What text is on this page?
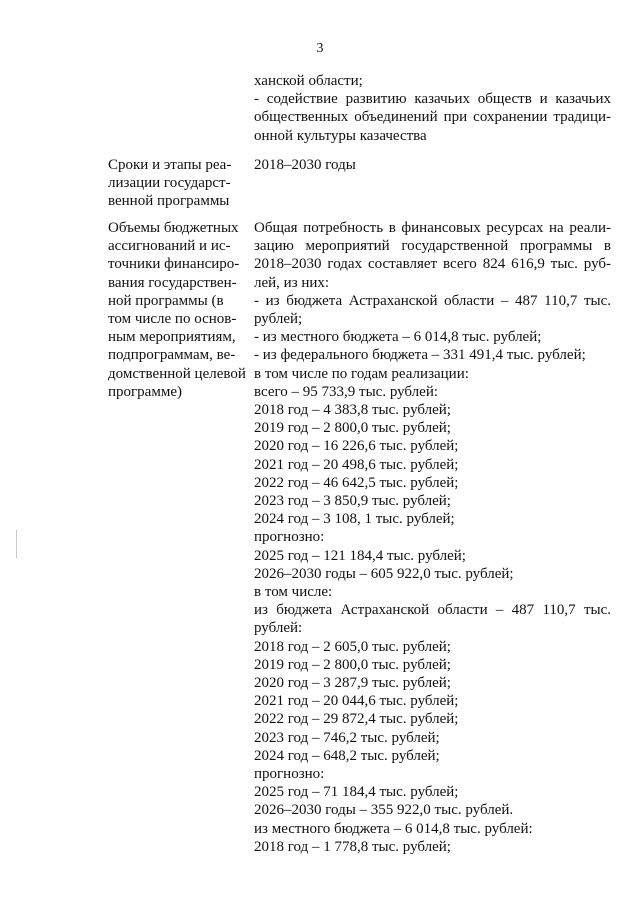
3
ханской области;
- содействие развитию казачьих обществ и казачьих
общественных объединений при сохранении традици-
онной культуры казачества
Сроки и этапы реа-
лизации государст-
венной программы
2018–2030 годы
Объемы бюджетных
ассигнований и ис-
точники финансиро-
вания государствен-
ной программы (в
том числе по основ-
ным мероприятиям,
подпрограммам, ве-
домственной целевой
программе)
Общая потребность в финансовых ресурсах на реали-
зацию мероприятий государственной программы в
2018–2030 годах составляет всего 824 616,9 тыс. руб-
лей, из них:
- из бюджета Астраханской области – 487 110,7 тыс.
рублей;
- из местного бюджета – 6 014,8 тыс. рублей;
- из федерального бюджета – 331 491,4 тыс. рублей;
в том числе по годам реализации:
всего – 95 733,9 тыс. рублей:
2018 год – 4 383,8 тыс. рублей;
2019 год – 2 800,0 тыс. рублей;
2020 год – 16 226,6 тыс. рублей;
2021 год – 20 498,6 тыс. рублей;
2022 год – 46 642,5 тыс. рублей;
2023 год – 3 850,9 тыс. рублей;
2024 год – 3 108, 1 тыс. рублей;
прогнозно:
2025 год – 121 184,4 тыс. рублей;
2026–2030 годы – 605 922,0 тыс. рублей;
в том числе:
из бюджета Астраханской области – 487 110,7 тыс.
рублей:
2018 год – 2 605,0 тыс. рублей;
2019 год – 2 800,0 тыс. рублей;
2020 год – 3 287,9 тыс. рублей;
2021 год – 20 044,6 тыс. рублей;
2022 год – 29 872,4 тыс. рублей;
2023 год – 746,2 тыс. рублей;
2024 год – 648,2 тыс. рублей;
прогнозно:
2025 год – 71 184,4 тыс. рублей;
2026–2030 годы – 355 922,0 тыс. рублей.
из местного бюджета – 6 014,8 тыс. рублей:
2018 год – 1 778,8 тыс. рублей;
